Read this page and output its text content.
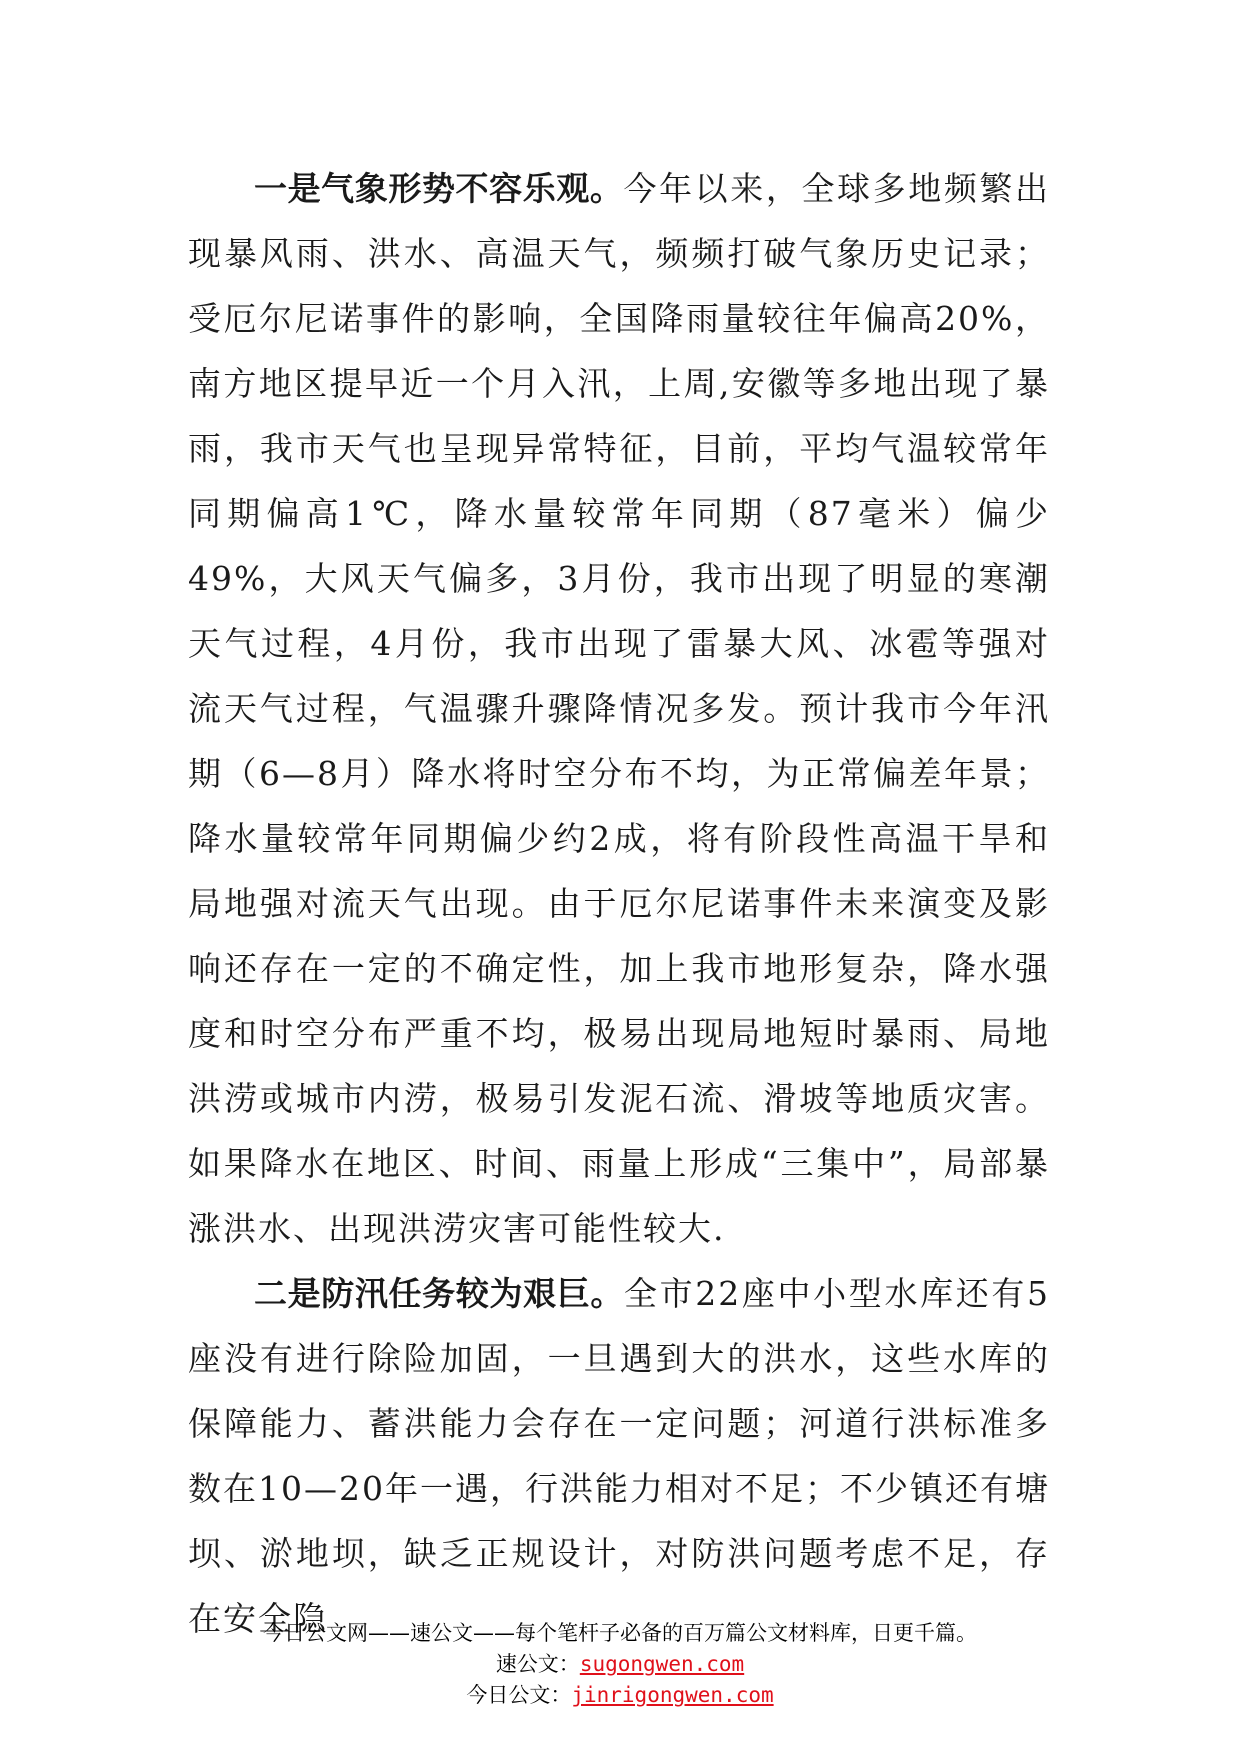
一是气象形势不容乐观。今年以来，全球多地频繁出现暴风雨、洪水、高温天气，频频打破气象历史记录；受厄尔尼诺事件的影响，全国降雨量较往年偏高20%，南方地区提早近一个月入汛，上周,安徽等多地出现了暴雨，我市天气也呈现异常特征，目前，平均气温较常年同期偏高1℃，降水量较常年同期（87毫米）偏少49%，大风天气偏多，3月份，我市出现了明显的寒潮天气过程，4月份，我市出现了雷暴大风、冰雹等强对流天气过程，气温骤升骤降情况多发。预计我市今年汛期（6—8月）降水将时空分布不均，为正常偏差年景；降水量较常年同期偏少约2成，将有阶段性高温干旱和局地强对流天气出现。由于厄尔尼诺事件未来演变及影响还存在一定的不确定性，加上我市地形复杂，降水强度和时空分布严重不均，极易出现局地短时暴雨、局地洪涝或城市内涝，极易引发泥石流、滑坡等地质灾害。如果降水在地区、时间、雨量上形成“三集中”，局部暴涨洪水、出现洪涝灾害可能性较大.

二是防汛任务较为艰巨。全市22座中小型水库还有5座没有进行除险加固，一旦遇到大的洪水，这些水库的保障能力、蓄洪能力会存在一定问题；河道行洪标准多数在10—20年一遇，行洪能力相对不足；不少镇还有塘坝、淤地坝，缺乏正规设计，对防洪问题考虑不足，存在安全隐

今日公文网——速公文——每个笔杆子必备的百万篇公文材料库，日更千篇。
速公文：sugongwen.com
今日公文：jinrigongwen.com
